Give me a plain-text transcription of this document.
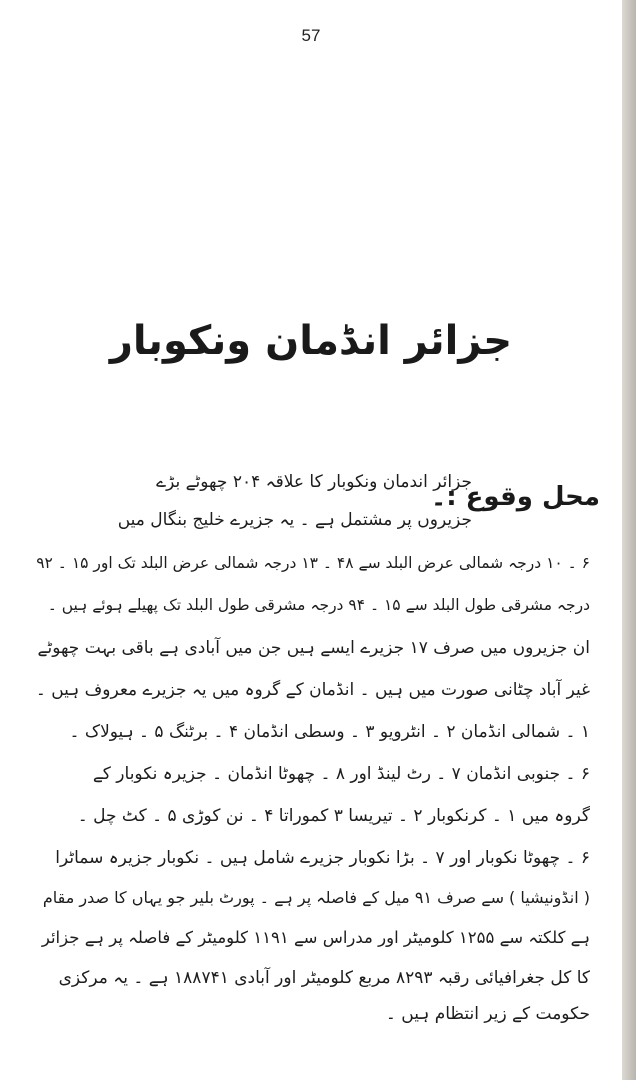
57
جزائر انڈمان ونکوبار
محل وقوع :۔
جزائر اندمان ونکوبار کا علاقہ ۲۰۴ چھوٹے بڑے
جزیروں پر مشتمل ہے ۔ یہ جزیرے خلیج بنگال میں
۶ ۔ ۱۰ درجہ شمالی عرض البلد سے ۴۸ ۔ ۱۳ درجہ شمالی عرض البلد تک اور ۱۵ ۔ ۹۲
درجہ مشرقی طول البلد سے ۱۵ ۔ ۹۴ درجہ مشرقی طول البلد تک پھیلے ہوئے ہیں ۔
ان جزیروں میں صرف ۱۷ جزیرے ایسے ہیں جن میں آبادی ہے باقی بہت چھوٹے
غیر آباد چٹانی صورت میں ہیں ۔ انڈمان کے گروہ میں یہ جزیرے معروف ہیں ۔
۱ ۔ شمالی انڈمان ۲ ۔ انٹرویو ۳ ۔ وسطی انڈمان ۴ ۔ برٹنگ ۵ ۔ ہیولاک ۔
۶ ۔ جنوبی انڈمان ۷ ۔ رٹ لینڈ اور ۸ ۔ چھوٹا انڈمان ۔ جزیرہ نکوبار کے
گروہ میں ۱ ۔ کرنکوبار ۲ ۔ تیریسا ۳ کموراتا ۴ ۔ نن کوڑی ۵ ۔ کٹ چل ۔
۶ ۔ چھوٹا نکوبار اور ۷ ۔ بڑا نکوبار جزیرے شامل ہیں ۔ نکوبار جزیرہ سماٹرا
( انڈونیشیا ) سے صرف ۹۱ میل کے فاصلہ پر ہے ۔ پورٹ بلیر جو یہاں کا صدر مقام
ہے کلکتہ سے ۱۲۵۵ کلومیٹر اور مدراس سے ۱۱۹۱ کلومیٹر کے فاصلہ پر ہے جزائر
کا کل جغرافیائی رقبہ ۸۲۹۳ مربع کلومیٹر اور آبادی ۱۸۸۷۴۱ ہے ۔ یہ مرکزی
حکومت کے زیر انتظام ہیں ۔
